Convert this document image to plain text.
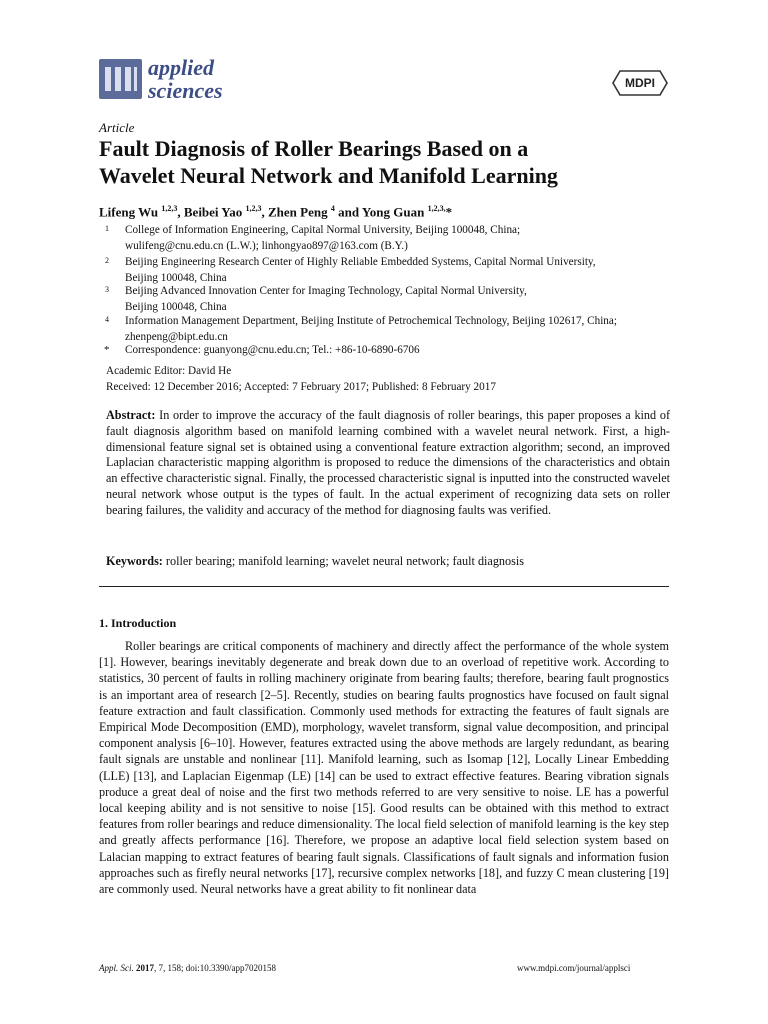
applied
sciences	MDPI
Article
Fault Diagnosis of Roller Bearings Based on a
Wavelet Neural Network and Manifold Learning
Lifeng Wu $^{1,2,3}$, Beibei Yao $^{1,2,3}$, Zhen Peng $^4$ and Yong Guan $^{1,2,3,}$*
1 College of Information Engineering, Capital Normal University, Beijing 100048, China;
wulifeng@cnu.edu.cn (L.W.); linhongyao897@163.com (B.Y.)
2 Beijing Engineering Research Center of Highly Reliable Embedded Systems, Capital Normal University,
Beijing 100048, China
3 Beijing Advanced Innovation Center for Imaging Technology, Capital Normal University,
Beijing 100048, China
4 Information Management Department, Beijing Institute of Petrochemical Technology, Beijing 102617, China;
zhenpeng@bipt.edu.cn
* Correspondence: guanyong@cnu.edu.cn; Tel.: +86-10-6890-6706
Academic Editor: David He
Received: 12 December 2016; Accepted: 7 February 2017; Published: 8 February 2017
Abstract: In order to improve the accuracy of the fault diagnosis of roller bearings, this paper proposes a kind of fault diagnosis algorithm based on manifold learning combined with a wavelet neural network. First, a high-dimensional feature signal set is obtained using a conventional feature extraction algorithm; second, an improved Laplacian characteristic mapping algorithm is proposed to reduce the dimensions of the characteristics and obtain an effective characteristic signal. Finally, the processed characteristic signal is inputted into the constructed wavelet neural network whose output is the types of fault. In the actual experiment of recognizing data sets on roller bearing failures, the validity and accuracy of the method for diagnosing faults was verified.
Keywords: roller bearing; manifold learning; wavelet neural network; fault diagnosis
1. Introduction
Roller bearings are critical components of machinery and directly affect the performance of the whole system [1]. However, bearings inevitably degenerate and break down due to an overload of repetitive work. According to statistics, 30 percent of faults in rolling machinery originate from bearing faults; therefore, bearing fault prognostics is an important area of research [2–5]. Recently, studies on bearing faults prognostics have focused on fault signal feature extraction and fault classification. Commonly used methods for extracting the features of fault signals are Empirical Mode Decomposition (EMD), morphology, wavelet transform, signal value decomposition, and principal component analysis [6–10]. However, features extracted using the above methods are largely redundant, as bearing fault signals are unstable and nonlinear [11]. Manifold learning, such as Isomap [12], Locally Linear Embedding (LLE) [13], and Laplacian Eigenmap (LE) [14] can be used to extract effective features. Bearing vibration signals produce a great deal of noise and the first two methods referred to are very sensitive to noise. LE has a powerful local keeping ability and is not sensitive to noise [15]. Good results can be obtained with this method to extract features from roller bearings and reduce dimensionality. The local field selection of manifold learning is the key step and greatly affects performance [16]. Therefore, we propose an adaptive local field selection system based on Lalacian mapping to extract features of bearing fault signals. Classifications of fault signals and information fusion approaches such as firefly neural networks [17], recursive complex networks [18], and fuzzy C mean clustering [19] are commonly used. Neural networks have a great ability to fit nonlinear data
Appl. Sci. 2017, 7, 158; doi:10.3390/app7020158	www.mdpi.com/journal/applsci
